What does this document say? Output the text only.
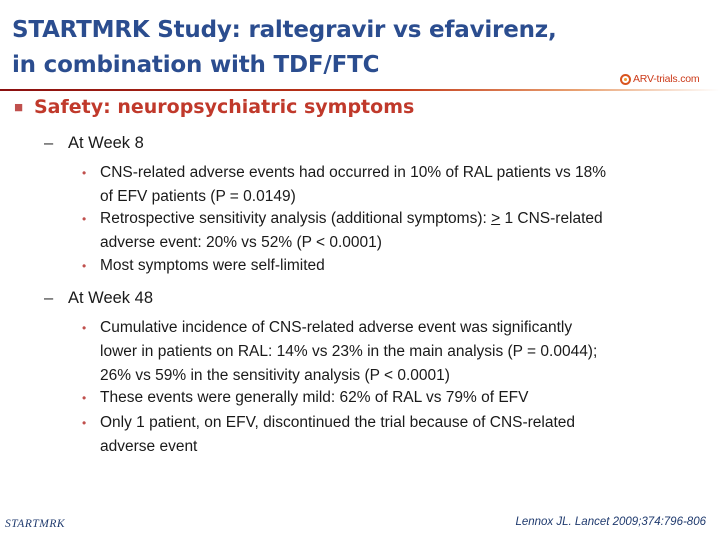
STARTMRK Study: raltegravir vs efavirenz,
in combination with TDF/FTC
ARV-trials.com
■ Safety: neuropsychiatric symptoms
– At Week 8
• CNS-related adverse events had occurred in 10% of RAL patients vs 18%
of EFV patients (P = 0.0149)
• Retrospective sensitivity analysis (additional symptoms): > 1 CNS-related
adverse event: 20% vs 52% (P < 0.0001)
• Most symptoms were self-limited
– At Week 48
• Cumulative incidence of CNS-related adverse event was significantly
lower in patients on RAL: 14% vs 23% in the main analysis (P = 0.0044);
26% vs 59% in the sensitivity analysis (P < 0.0001)
• These events were generally mild: 62% of RAL vs 79% of EFV
• Only 1 patient, on EFV, discontinued the trial because of CNS-related
adverse event
STARTMRK	Lennox JL. Lancet 2009;374:796-806
